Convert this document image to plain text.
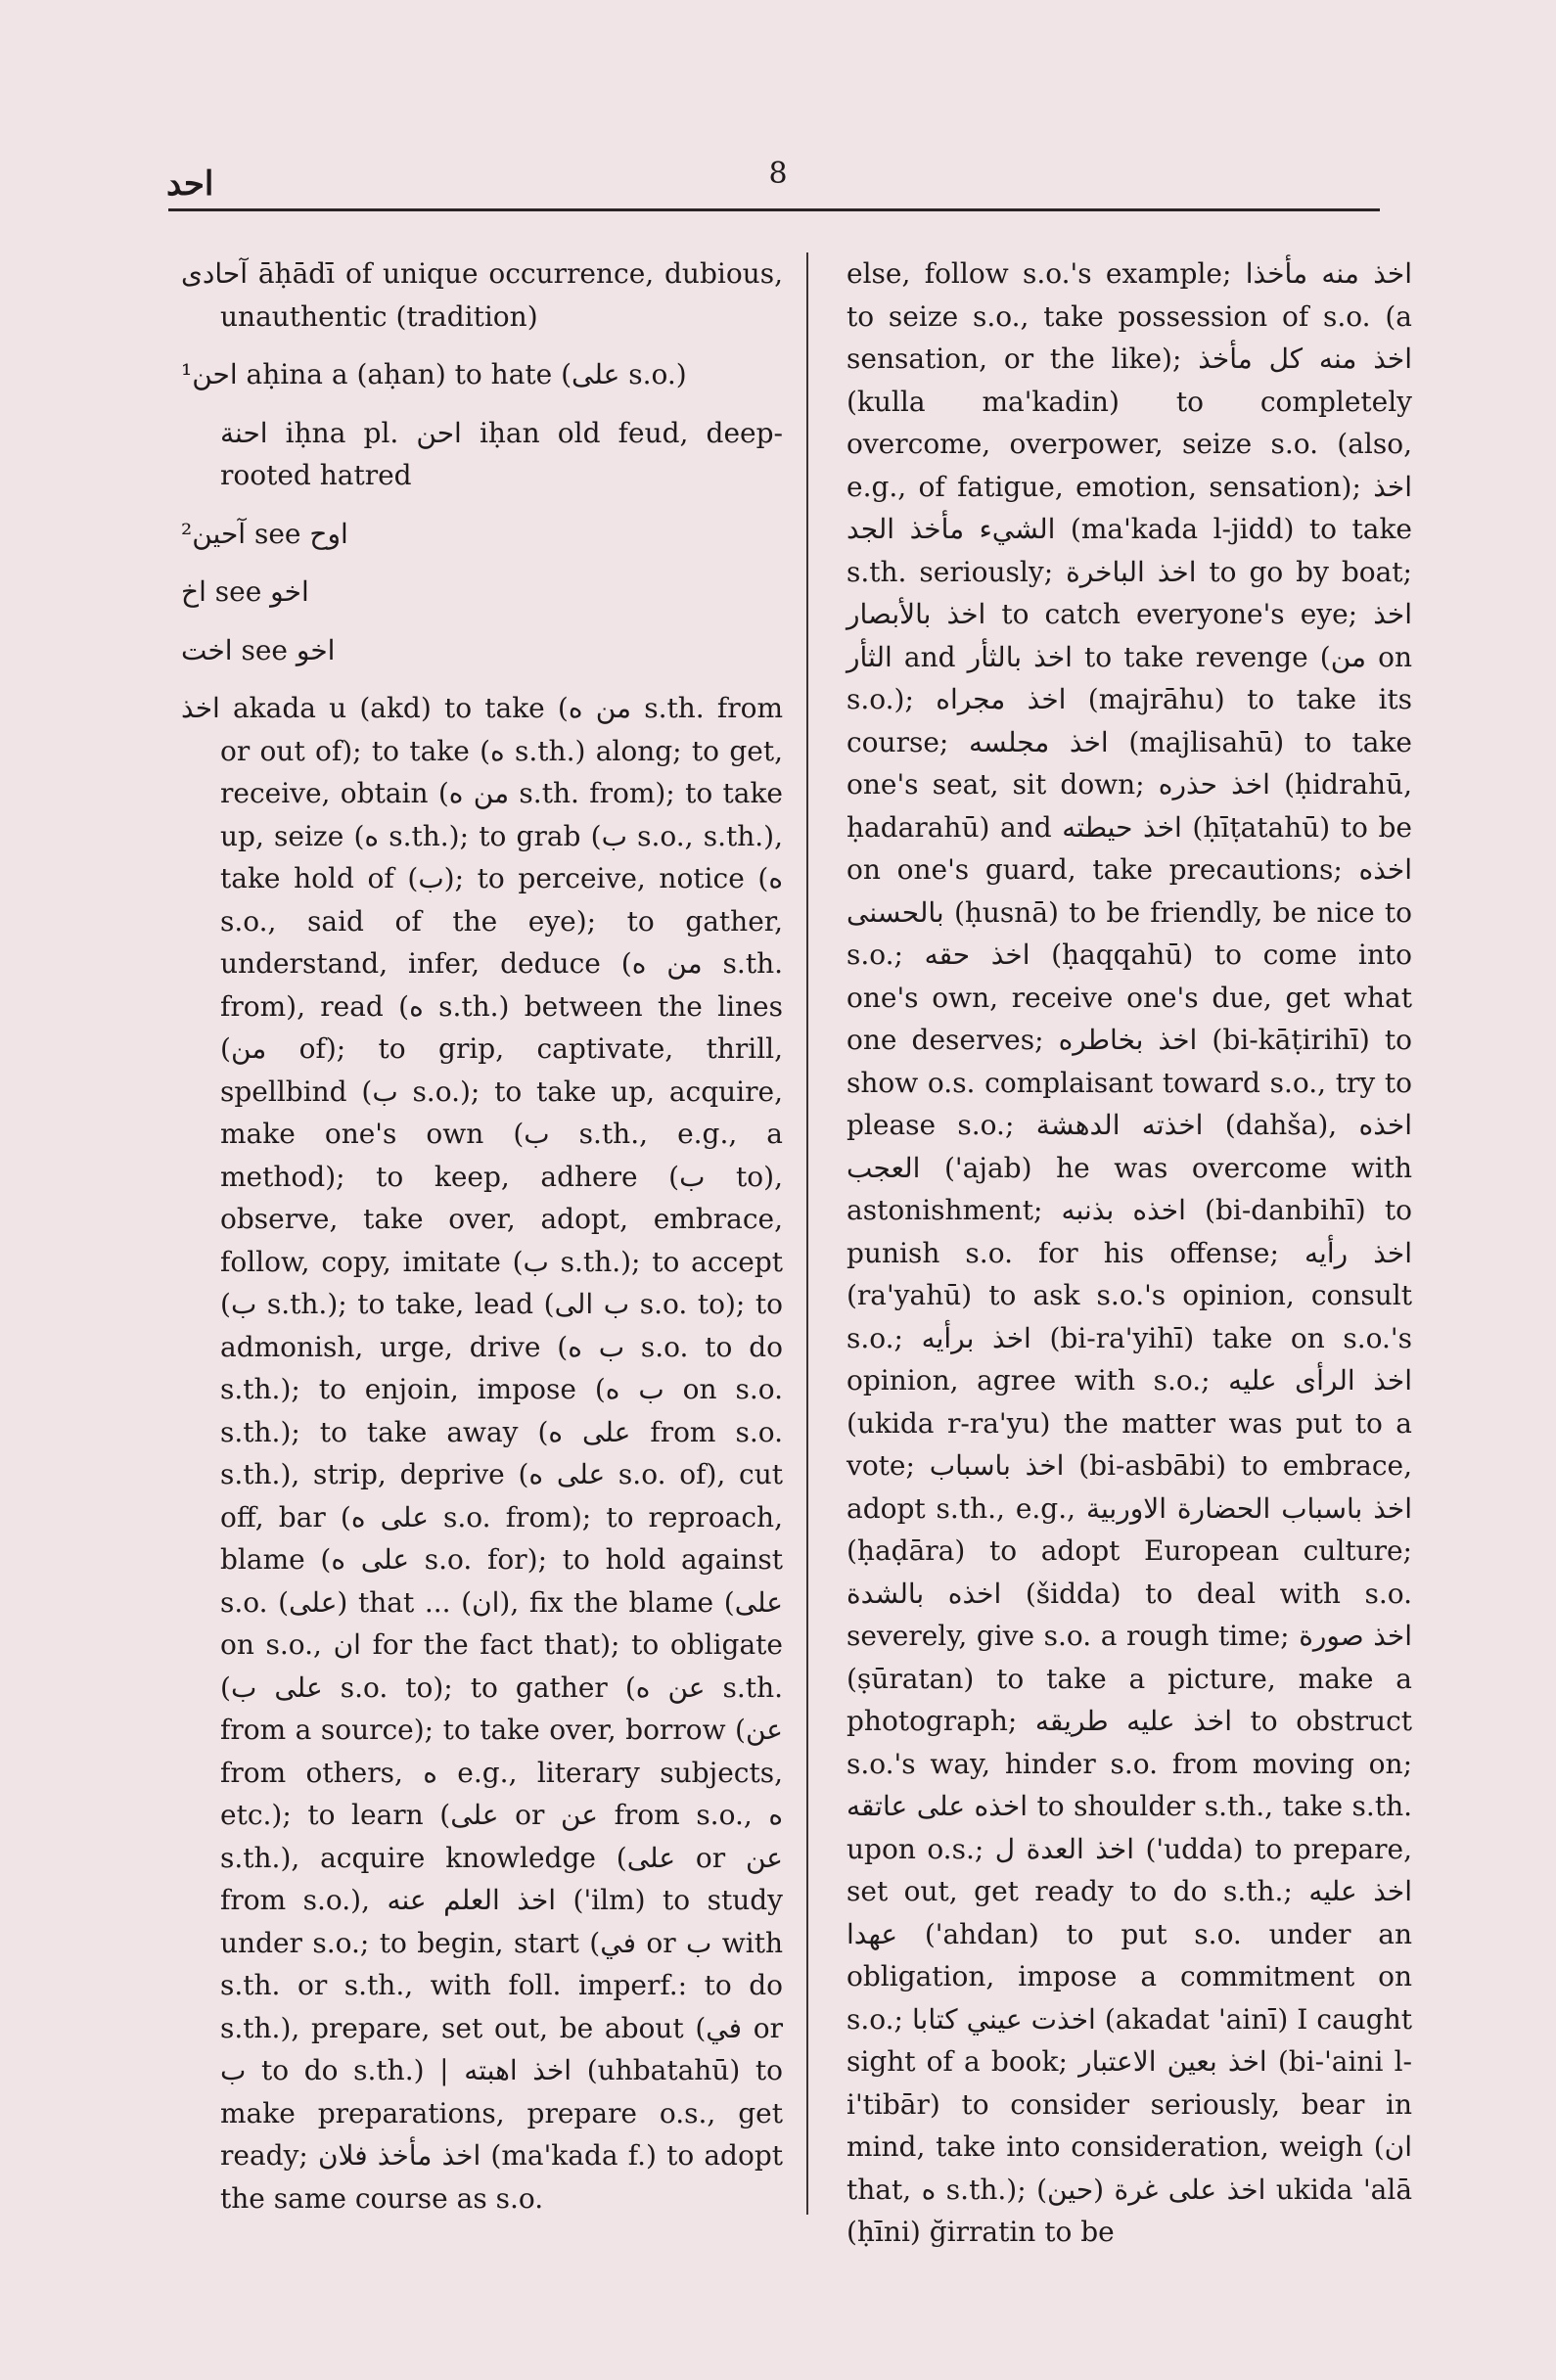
احد	8

آحادى āḥādī of unique occurrence, dubious, unauthentic (tradition)

¹احن aḥina a (aḥan) to hate (على s.o.)

احنة iḥna pl. احن iḥan old feud, deep-rooted hatred

²آحين see اوح

اخ see اخو

اخت see اخو

اخذ akada u (akd) to take (من ه s.th. from or out of); to take (ه s.th.) along; to get, receive, obtain (من ه s.th. from); to take up, seize (ه s.th.); to grab (ب s.o., s.th.), take hold of (ب); to perceive, notice (ه s.o., said of the eye); to gather, understand, infer, deduce (من ه s.th. from), read (ه s.th.) between the lines (من of); to grip, captivate, thrill, spellbind (ب s.o.); to take up, acquire, make one's own (ب s.th., e.g., a method); to keep, adhere (ب to), observe, take over, adopt, embrace, follow, copy, imitate (ب s.th.); to accept (ب s.th.); to take, lead (ب الى s.o. to); to admonish, urge, drive (ب ه s.o. to do s.th.); to enjoin, impose (ب ه on s.o. s.th.); to take away (على ه from s.o. s.th.), strip, deprive (على ه s.o. of), cut off, bar (على ه s.o. from); to reproach, blame (على ه s.o. for); to hold against s.o. (على) that ... (ان), fix the blame (على on s.o., ان for the fact that); to obligate (على ب s.o. to); to gather (عن ه s.th. from a source); to take over, borrow (عن from others, ه e.g., literary subjects, etc.); to learn (على or عن from s.o., ه s.th.), acquire knowledge (على or عن from s.o.), اخذ العلم عنه ('ilm) to study under s.o.; to begin, start (في or ب with s.th. or s.th., with foll. imperf.: to do s.th.), prepare, set out, be about (في or ب to do s.th.) | اخذ اهبته (uhbatahū) to make preparations, prepare o.s., get ready; اخذ مأخذ فلان (ma'kada f.) to adopt the same course as s.o.

else, follow s.o.'s example; اخذ منه مأخذا to seize s.o., take possession of s.o. (a sensation, or the like); اخذ منه كل مأخذ (kulla ma'kadin) to completely overcome, overpower, seize s.o. (also, e.g., of fatigue, emotion, sensation); اخذ الشيء مأخذ الجد (ma'kada l-jidd) to take s.th. seriously; اخذ الباخرة to go by boat; اخذ بالأبصار to catch everyone's eye; اخذ الثأر and اخذ بالثأر to take revenge (من on s.o.); اخذ مجراه (majrāhu) to take its course; اخذ مجلسه (majlisahū) to take one's seat, sit down; اخذ حذره (ḥidrahū, ḥadarahū) and اخذ حيطته (ḥīṭatahū) to be on one's guard, take precautions; اخذه بالحسنى (ḥusnā) to be friendly, be nice to s.o.; اخذ حقه (ḥaqqahū) to come into one's own, receive one's due, get what one deserves; اخذ بخاطره (bi-kāṭirihī) to show o.s. complaisant toward s.o., try to please s.o.; اخذته الدهشة (dahša), اخذه العجب ('ajab) he was overcome with astonishment; اخذه بذنبه (bi-danbihī) to punish s.o. for his offense; اخذ رأيه (ra'yahū) to ask s.o.'s opinion, consult s.o.; اخذ برأيه (bi-ra'yihī) take on s.o.'s opinion, agree with s.o.; اخذ الرأى عليه (ukida r-ra'yu) the matter was put to a vote; اخذ باسباب (bi-asbābi) to embrace, adopt s.th., e.g., اخذ باسباب الحضارة الاوربية (ḥaḍāra) to adopt European culture; اخذه بالشدة (šidda) to deal with s.o. severely, give s.o. a rough time; اخذ صورة (ṣūratan) to take a picture, make a photograph; اخذ عليه طريقه to obstruct s.o.'s way, hinder s.o. from moving on; اخذه على عاتقه to shoulder s.th., take s.th. upon o.s.; اخذ العدة ل ('udda) to prepare, set out, get ready to do s.th.; اخذ عليه عهدا ('ahdan) to put s.o. under an obligation, impose a commitment on s.o.; اخذت عيني كتابا (akadat 'ainī) I caught sight of a book; اخذ بعين الاعتبار (bi-'aini l-i'tibār) to consider seriously, bear in mind, take into consideration, weigh (ان that, ه s.th.); اخذ على غرة (حين) ukida 'alā (ḥīni) ğirratin to be
